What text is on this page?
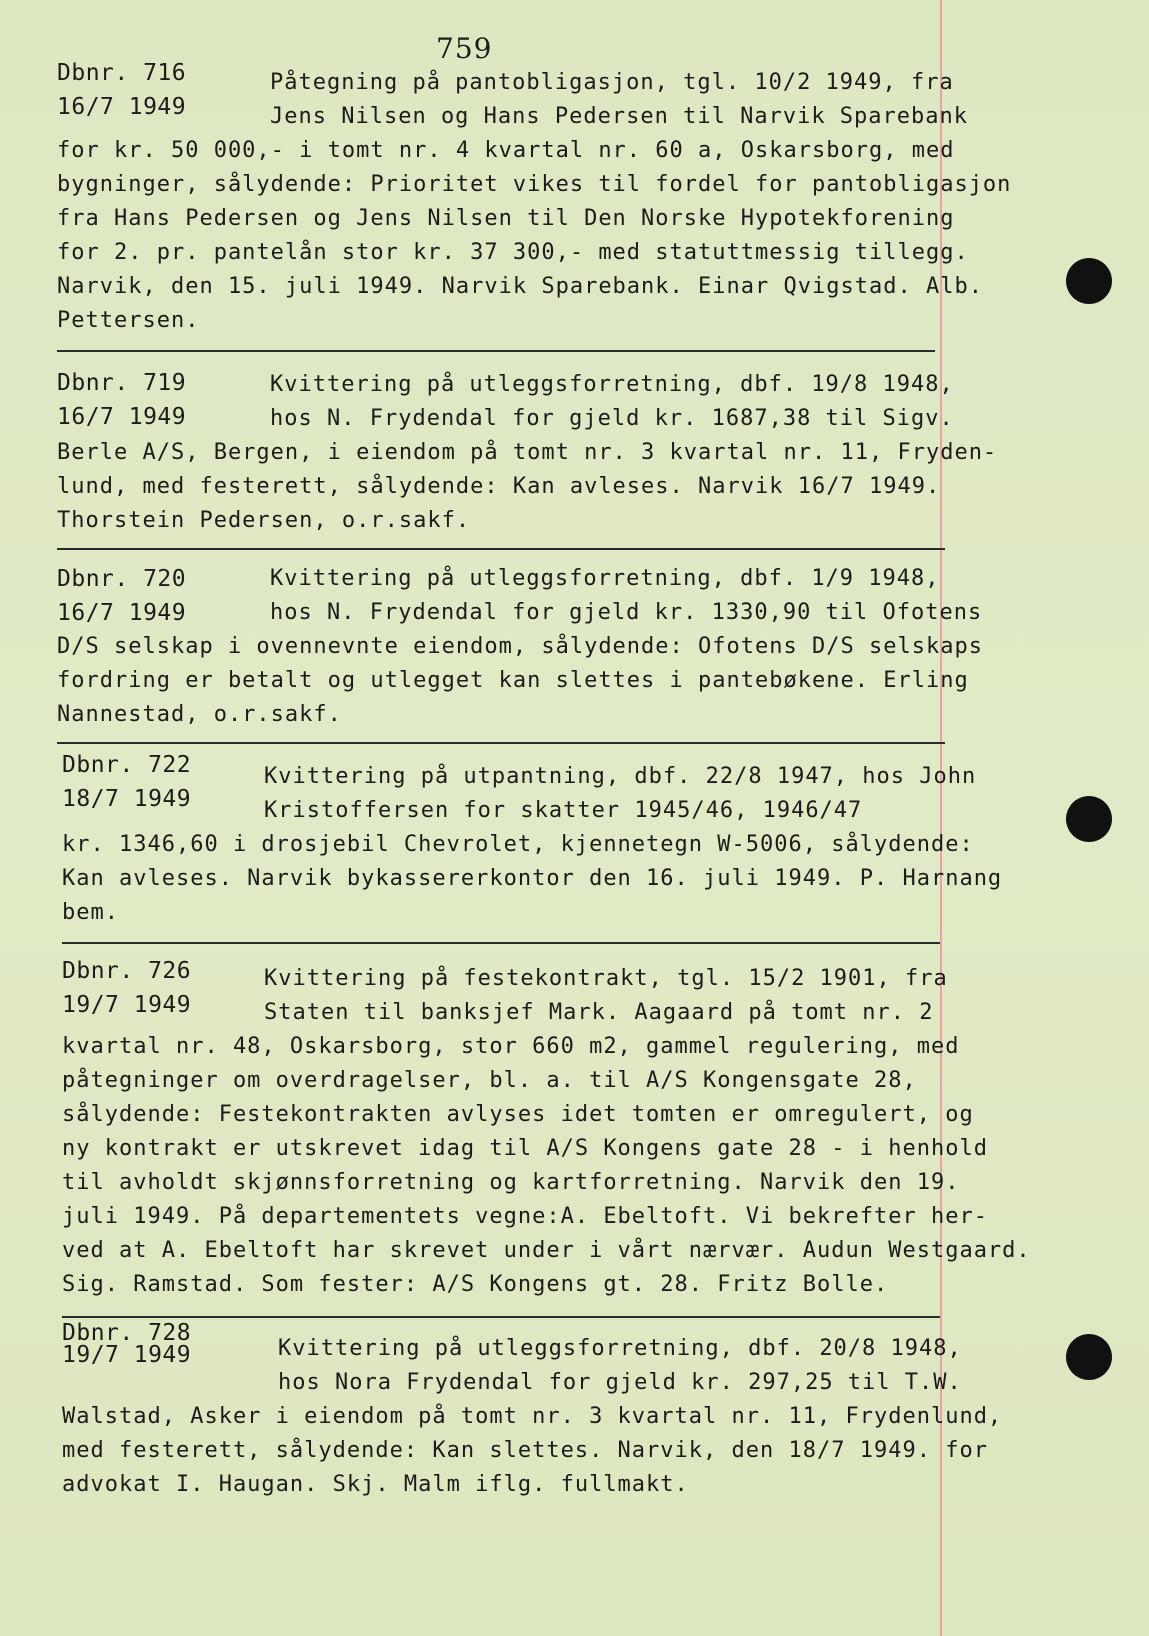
759
Dbnr. 716
16/7 1949
Påtegning på pantobligasjon, tgl. 10/2 1949, fra
Jens Nilsen og Hans Pedersen til Narvik Sparebank
for kr. 50 000,- i tomt nr. 4 kvartal nr. 60 a, Oskarsborg, med
bygninger, sålydende: Prioritet vikes til fordel for pantobligasjon
fra Hans Pedersen og Jens Nilsen til Den Norske Hypotekforening
for 2. pr. pantelån stor kr. 37 300,- med statuttmessig tillegg.
Narvik, den 15. juli 1949. Narvik Sparebank. Einar Qvigstad. Alb.
Pettersen.
Dbnr. 719
16/7 1949
Kvittering på utleggsforretning, dbf. 19/8 1948,
hos N. Frydendal for gjeld kr. 1687,38 til Sigv.
Berle A/S, Bergen, i eiendom på tomt nr. 3 kvartal nr. 11, Fryden-
lund, med festerett, sålydende: Kan avleses. Narvik 16/7 1949.
Thorstein Pedersen, o.r.sakf.
Dbnr. 720
16/7 1949
Kvittering på utleggsforretning, dbf. 1/9 1948,
hos N. Frydendal for gjeld kr. 1330,90 til Ofotens
D/S selskap i ovennevnte eiendom, sålydende: Ofotens D/S selskaps
fordring er betalt og utlegget kan slettes i pantebøkene. Erling
Nannestad, o.r.sakf.
Dbnr. 722
18/7 1949
Kvittering på utpantning, dbf. 22/8 1947, hos John
Kristoffersen for skatter 1945/46, 1946/47
kr. 1346,60 i drosjebil Chevrolet, kjennetegn W-5006, sålydende:
Kan avleses. Narvik bykassererkontor den 16. juli 1949. P. Harnang
bem.
Dbnr. 726
19/7 1949
Kvittering på festekontrakt, tgl. 15/2 1901, fra
Staten til banksjef Mark. Aagaard på tomt nr. 2
kvartal nr. 48, Oskarsborg, stor 660 m2, gammel regulering, med
påtegninger om overdragelser, bl. a. til A/S Kongensgate 28,
sålydende: Festekontrakten avlyses idet tomten er omregulert, og
ny kontrakt er utskrevet idag til A/S Kongens gate 28 - i henhold
til avholdt skjønnsforretning og kartforretning. Narvik den 19.
juli 1949. På departementets vegne:A. Ebeltoft. Vi bekrefter her-
ved at A. Ebeltoft har skrevet under i vårt nærvær. Audun Westgaard.
Sig. Ramstad. Som fester: A/S Kongens gt. 28. Fritz Bolle.
Dbnr. 728
19/7 1949	Kvittering på utleggsforretning, dbf. 20/8 1948,
hos Nora Frydendal for gjeld kr. 297,25 til T.W.
Walstad, Asker i eiendom på tomt nr. 3 kvartal nr. 11, Frydenlund,
med festerett, sålydende: Kan slettes. Narvik, den 18/7 1949. for
advokat I. Haugan. Skj. Malm iflg. fullmakt.
